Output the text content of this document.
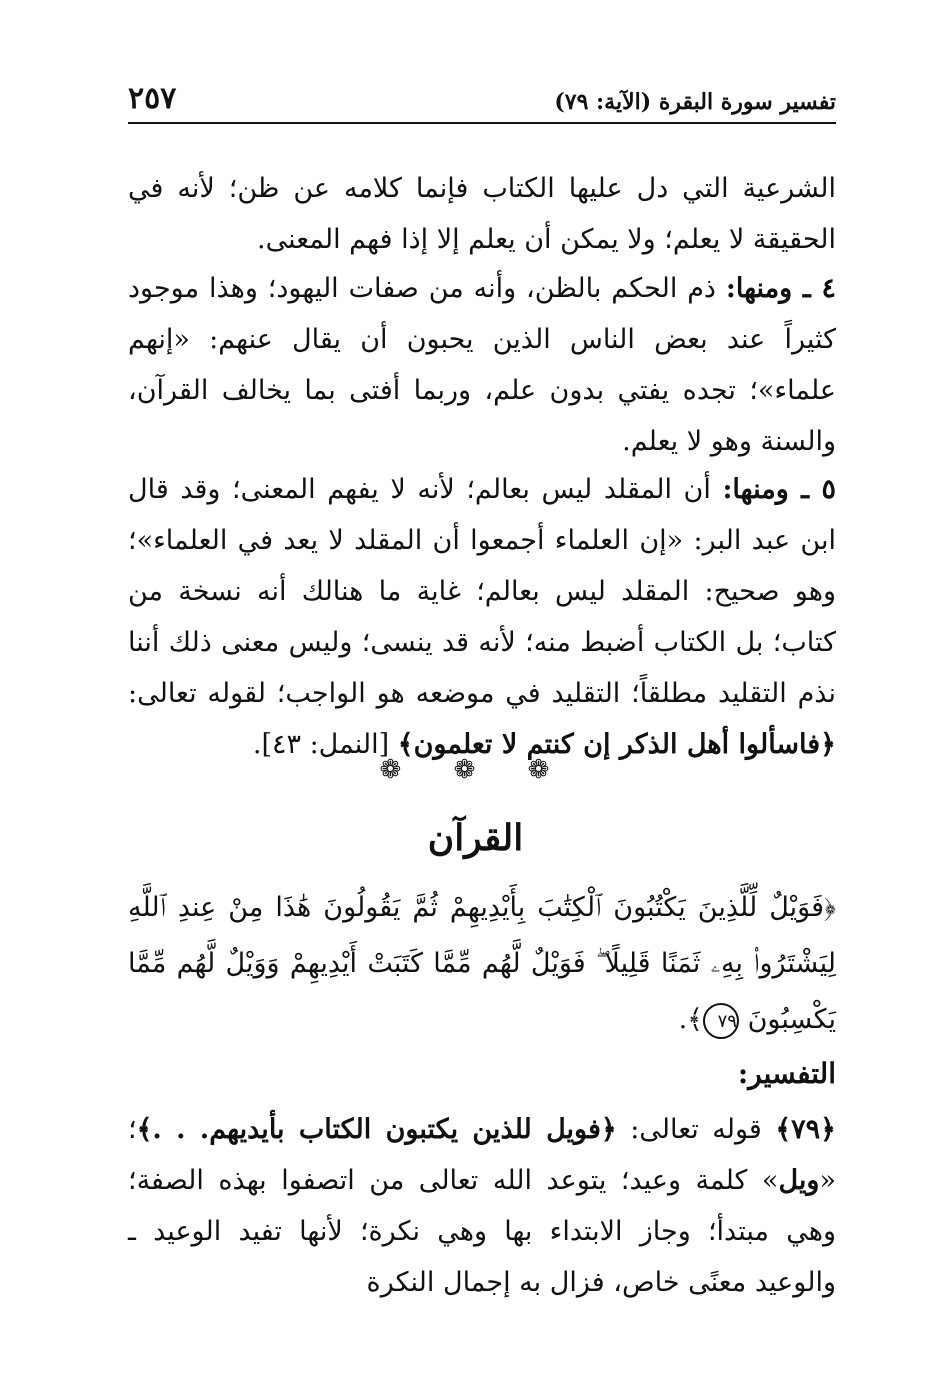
٢٥٧	تفسير سورة البقرة (الآية: ٧٩)

الشرعية التي دل عليها الكتاب فإنما كلامه عن ظن؛ لأنه في الحقيقة لا يعلم؛ ولا يمكن أن يعلم إلا إذا فهم المعنى.

٤ ـ ومنها: ذم الحكم بالظن، وأنه من صفات اليهود؛ وهذا موجود كثيراً عند بعض الناس الذين يحبون أن يقال عنهم: «إنهم علماء»؛ تجده يفتي بدون علم، وربما أفتى بما يخالف القرآن، والسنة وهو لا يعلم.

٥ ـ ومنها: أن المقلد ليس بعالم؛ لأنه لا يفهم المعنى؛ وقد قال ابن عبد البر: «إن العلماء أجمعوا أن المقلد لا يعد في العلماء»؛ وهو صحيح: المقلد ليس بعالم؛ غاية ما هنالك أنه نسخة من كتاب؛ بل الكتاب أضبط منه؛ لأنه قد ينسى؛ وليس معنى ذلك أننا نذم التقليد مطلقاً؛ التقليد في موضعه هو الواجب؛ لقوله تعالى: ﴿فاسألوا أهل الذكر إن كنتم لا تعلمون﴾ [النمل: ٤٣].

❁ ❁ ❁
القرآن
﴿فَوَيْلٌ لِّلَّذِينَ يَكْتُبُونَ ٱلْكِتَٰبَ بِأَيْدِيهِمْ ثُمَّ يَقُولُونَ هَٰذَا مِنْ عِندِ ٱللَّهِ لِيَشْتَرُوا۟ بِهِۦ ثَمَنًا قَلِيلًا ۖ فَوَيْلٌ لَّهُم مِّمَّا كَتَبَتْ أَيْدِيهِمْ وَوَيْلٌ لَّهُم مِّمَّا يَكْسِبُونَ ٧٩﴾.
التفسير:

﴿٧٩﴾ قوله تعالى: ﴿فويل للذين يكتبون الكتاب بأيديهم. . .﴾؛ «ويل» كلمة وعيد؛ يتوعد الله تعالى من اتصفوا بهذه الصفة؛ وهي مبتدأ؛ وجاز الابتداء بها وهي نكرة؛ لأنها تفيد الوعيد ـ والوعيد معنًى خاص، فزال به إجمال النكرة
